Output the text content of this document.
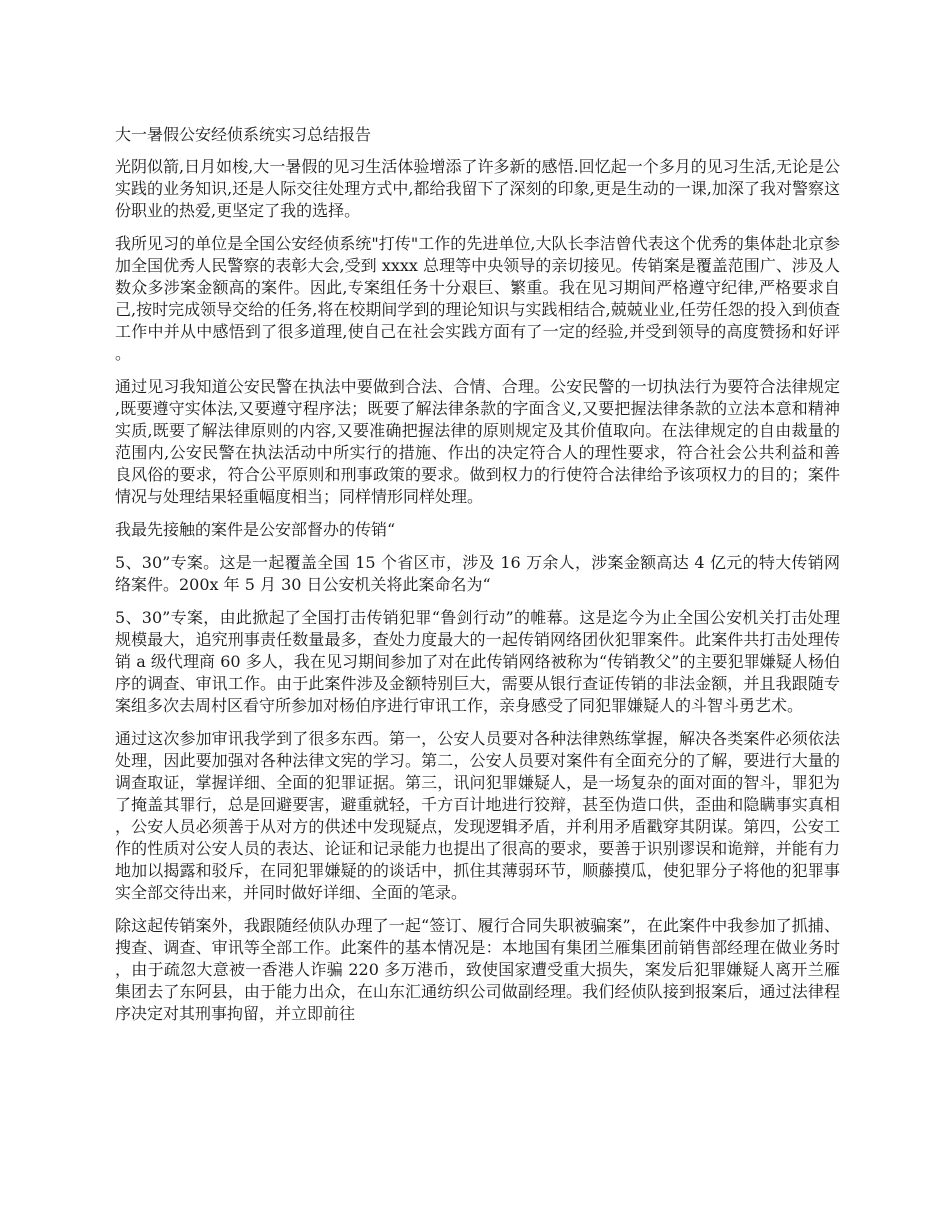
大一暑假公安经侦系统实习总结报告

光阴似箭,日月如梭,大一暑假的见习生活体验增添了许多新的感悟.回忆起一个多月的见习生活,无论是公实践的业务知识,还是人际交往处理方式中,都给我留下了深刻的印象,更是生动的一课,加深了我对警察这份职业的热爱,更坚定了我的选择。

我所见习的单位是全国公安经侦系统"打传"工作的先进单位,大队长李洁曾代表这个优秀的集体赴北京参加全国优秀人民警察的表彰大会,受到 xxxx 总理等中央领导的亲切接见。传销案是覆盖范围广、涉及人数众多涉案金额高的案件。因此,专案组任务十分艰巨、繁重。我在见习期间严格遵守纪律,严格要求自己,按时完成领导交给的任务,将在校期间学到的理论知识与实践相结合,兢兢业业,任劳任怨的投入到侦查工作中并从中感悟到了很多道理,使自己在社会实践方面有了一定的经验,并受到领导的高度赞扬和好评。

通过见习我知道公安民警在执法中要做到合法、合情、合理。公安民警的一切执法行为要符合法律规定,既要遵守实体法,又要遵守程序法；既要了解法律条款的字面含义,又要把握法律条款的立法本意和精神实质,既要了解法律原则的内容,又要准确把握法律的原则规定及其价值取向。在法律规定的自由裁量的范围内,公安民警在执法活动中所实行的措施、作出的决定符合人的理性要求，符合社会公共利益和善良风俗的要求，符合公平原则和刑事政策的要求。做到权力的行使符合法律给予该项权力的目的；案件情况与处理结果轻重幅度相当；同样情形同样处理。

我最先接触的案件是公安部督办的传销“

5、30”专案。这是一起覆盖全国 15 个省区市，涉及 16 万余人，涉案金额高达 4 亿元的特大传销网络案件。200x 年 5 月 30 日公安机关将此案命名为“

5、30”专案，由此掀起了全国打击传销犯罪“鲁剑行动”的帷幕。这是迄今为止全国公安机关打击处理规模最大，追究刑事责任数量最多，查处力度最大的一起传销网络团伙犯罪案件。此案件共打击处理传销 a 级代理商 60 多人，我在见习期间参加了对在此传销网络被称为“传销教父”的主要犯罪嫌疑人杨伯序的调查、审讯工作。由于此案件涉及金额特别巨大，需要从银行查证传销的非法金额，并且我跟随专案组多次去周村区看守所参加对杨伯序进行审讯工作，亲身感受了同犯罪嫌疑人的斗智斗勇艺术。

通过这次参加审讯我学到了很多东西。第一，公安人员要对各种法律熟练掌握，解决各类案件必须依法处理，因此要加强对各种法律文宪的学习。第二，公安人员要对案件有全面充分的了解，要进行大量的调查取证，掌握详细、全面的犯罪证据。第三，讯问犯罪嫌疑人，是一场复杂的面对面的智斗，罪犯为了掩盖其罪行，总是回避要害，避重就轻，千方百计地进行狡辩，甚至伪造口供，歪曲和隐瞒事实真相，公安人员必须善于从对方的供述中发现疑点，发现逻辑矛盾，并利用矛盾戳穿其阴谋。第四，公安工作的性质对公安人员的表达、论证和记录能力也提出了很高的要求，要善于识别谬误和诡辩，并能有力地加以揭露和驳斥，在同犯罪嫌疑的的谈话中，抓住其薄弱环节，顺藤摸瓜，使犯罪分子将他的犯罪事实全部交待出来，并同时做好详细、全面的笔录。

除这起传销案外，我跟随经侦队办理了一起“签订、履行合同失职被骗案”，在此案件中我参加了抓捕、搜查、调查、审讯等全部工作。此案件的基本情况是：本地国有集团兰雁集团前销售部经理在做业务时，由于疏忽大意被一香港人诈骗 220 多万港币，致使国家遭受重大损失，案发后犯罪嫌疑人离开兰雁集团去了东阿县，由于能力出众，在山东汇通纺织公司做副经理。我们经侦队接到报案后，通过法律程序决定对其刑事拘留，并立即前往
